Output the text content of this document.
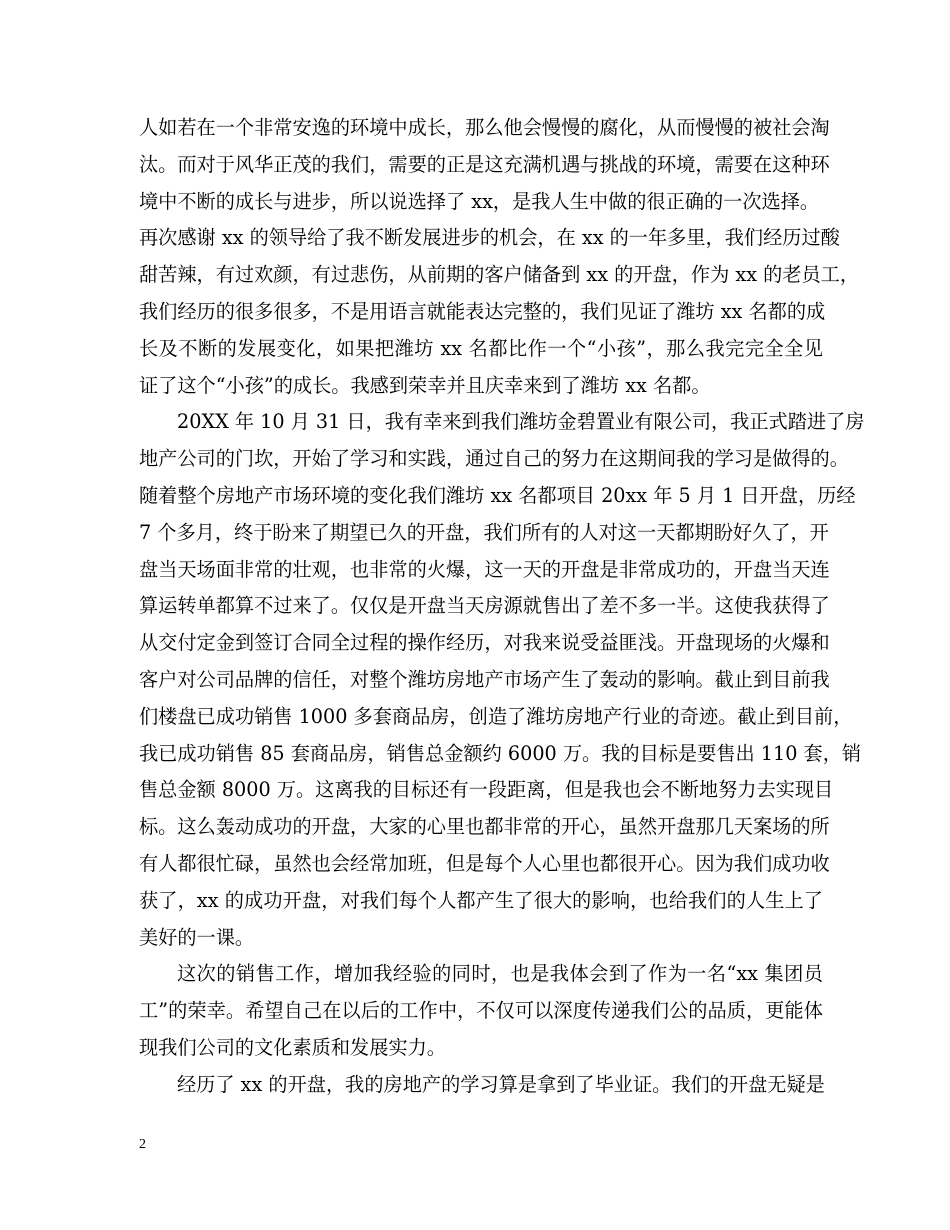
人如若在一个非常安逸的环境中成长，那么他会慢慢的腐化，从而慢慢的被社会淘
汰。而对于风华正茂的我们，需要的正是这充满机遇与挑战的环境，需要在这种环
境中不断的成长与进步，所以说选择了 xx，是我人生中做的很正确的一次选择。
再次感谢 xx 的领导给了我不断发展进步的机会，在 xx 的一年多里，我们经历过酸
甜苦辣，有过欢颜，有过悲伤，从前期的客户储备到 xx 的开盘，作为 xx 的老员工，
我们经历的很多很多，不是用语言就能表达完整的，我们见证了潍坊 xx 名都的成
长及不断的发展变化，如果把潍坊 xx 名都比作一个“小孩”，那么我完完全全见
证了这个“小孩”的成长。我感到荣幸并且庆幸来到了潍坊 xx 名都。
20XX 年 10 月 31 日，我有幸来到我们潍坊金碧置业有限公司，我正式踏进了房
地产公司的门坎，开始了学习和实践，通过自己的努力在这期间我的学习是做得的。
随着整个房地产市场环境的变化我们潍坊 xx 名都项目 20xx 年 5 月 1 日开盘，历经
7 个多月，终于盼来了期望已久的开盘，我们所有的人对这一天都期盼好久了，开
盘当天场面非常的壮观，也非常的火爆，这一天的开盘是非常成功的，开盘当天连
算运转单都算不过来了。仅仅是开盘当天房源就售出了差不多一半。这使我获得了
从交付定金到签订合同全过程的操作经历，对我来说受益匪浅。开盘现场的火爆和
客户对公司品牌的信任，对整个潍坊房地产市场产生了轰动的影响。截止到目前我
们楼盘已成功销售 1000 多套商品房，创造了潍坊房地产行业的奇迹。截止到目前，
我已成功销售 85 套商品房，销售总金额约 6000 万。我的目标是要售出 110 套，销
售总金额 8000 万。这离我的目标还有一段距离，但是我也会不断地努力去实现目
标。这么轰动成功的开盘，大家的心里也都非常的开心，虽然开盘那几天案场的所
有人都很忙碌，虽然也会经常加班，但是每个人心里也都很开心。因为我们成功收
获了，xx 的成功开盘，对我们每个人都产生了很大的影响，也给我们的人生上了
美好的一课。
这次的销售工作，增加我经验的同时，也是我体会到了作为一名“xx 集团员
工”的荣幸。希望自己在以后的工作中，不仅可以深度传递我们公的品质，更能体
现我们公司的文化素质和发展实力。
经历了 xx 的开盘，我的房地产的学习算是拿到了毕业证。我们的开盘无疑是
2
